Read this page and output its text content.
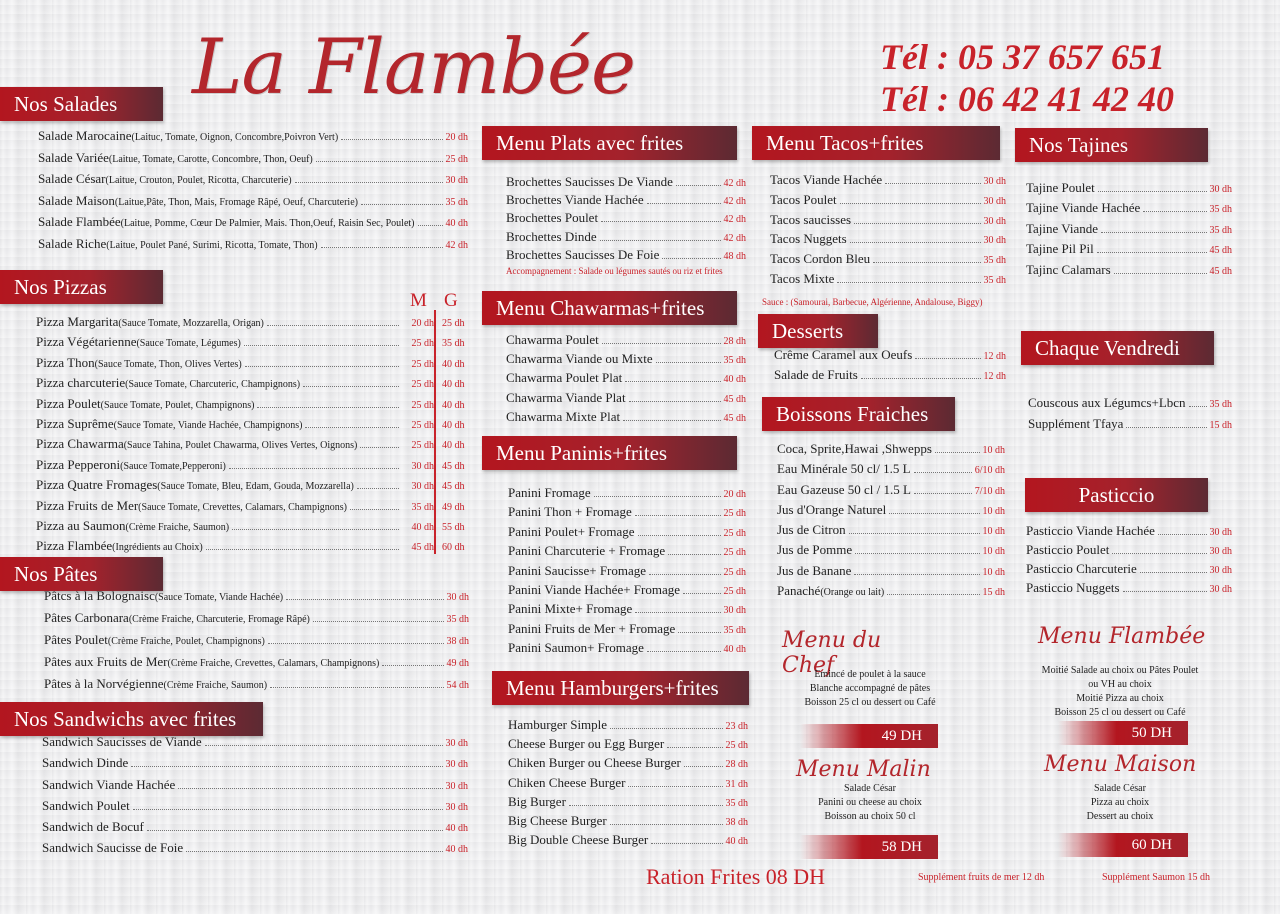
La Flambée	Tél : 05 37 657 651
Tél : 06 42 41 42 40
Nos Salades
Salade Marocaine (Laituc, Tomate, Oignon, Concombre,Poivron Vert)	20 dh
Salade Variée (Laitue, Tomate, Carotte, Concombre, Thon, Oeuf)	25 dh
Salade César (Laitue, Crouton, Poulet, Ricotta, Charcuterie)	30 dh
Salade Maison (Laitue,Pâte, Thon, Mais, Fromage Râpé, Oeuf, Charcuterie)	35 dh
Salade Flambée (Laitue, Pomme, Cœur De Palmier, Mais. Thon,Oeuf, Raisin Sec, Poulet)	40 dh
Salade Riche (Laitue, Poulet Pané, Surimi, Ricotta, Tomate, Thon)	42 dh
Nos Pizzas
M G
Pizza Margarita (Sauce Tomate, Mozzarella, Origan)	20 dh 25 dh
Pizza Végétarienne (Sauce Tomate, Légumes)	25 dh 35 dh
Pizza Thon (Sauce Tomate, Thon, Olives Vertes)	25 dh 40 dh
Pizza charcuterie (Sauce Tomate, Charcuteric, Champignons)	25 dh 40 dh
Pizza Poulet (Sauce Tomate, Poulet, Champignons)	25 dh 40 dh
Pizza Suprême (Sauce Tomate, Viande Hachée, Champignons)	25 dh 40 dh
Pizza Chawarma (Sauce Tahina, Poulet Chawarma, Olives Vertes, Oignons)	25 dh 40 dh
Pizza Pepperoni (Sauce Tomate,Pepperoni)	30 dh 45 dh
Pizza Quatre Fromages (Sauce Tomate, Bleu, Edam, Gouda, Mozzarella)	30 dh 45 dh
Pizza Fruits de Mer (Sauce Tomate, Crevettes, Calamars, Champignons)	35 dh 49 dh
Pizza au Saumon (Crème Fraiche, Saumon)	40 dh 55 dh
Pizza Flambée (Ingrédients au Choix)	45 dh 60 dh
Nos Pâtes
Pâtcs à la Bolognaisc (Sauce Tomate, Viande Hachée)	30 dh
Pâtes Carbonara (Crème Fraiche, Charcuterie, Fromage Râpé)	35 dh
Pâtes Poulet (Crème Fraiche, Poulet, Champignons)	38 dh
Pâtes aux Fruits de Mer (Crème Fraiche, Crevettes, Calamars, Champignons)	49 dh
Pâtes à la Norvégienne (Crème Fraiche, Saumon)	54 dh
Nos Sandwichs avec frites
Sandwich Saucisses de Viande	30 dh
Sandwich Dinde	30 dh
Sandwich Viande Hachée	30 dh
Sandwich Poulet	30 dh
Sandwich de Bocuf	40 dh
Sandwich Saucisse de Foie	40 dh
Menu Plats avec frites
Brochettes Saucisses De Viande	42 dh
Brochettes Viande Hachée	42 dh
Brochettes Poulet	42 dh
Brochettes Dinde	42 dh
Brochettes Saucisses De Foie	48 dh
Accompagnement : Salade ou légumes sautés ou riz et frites
Menu Chawarmas+frites
Chawarma Poulet	28 dh
Chawarma Viande ou Mixte	35 dh
Chawarma Poulet Plat	40 dh
Chawarma Viande Plat	45 dh
Chawarma Mixte Plat	45 dh
Menu Paninis+frites
Panini Fromage	20 dh
Panini Thon + Fromage	25 dh
Panini Poulet+ Fromage	25 dh
Panini Charcuterie + Fromage	25 dh
Panini Saucisse+ Fromage	25 dh
Panini Viande Hachée+ Fromage	25 dh
Panini Mixte+ Fromage	30 dh
Panini Fruits de Mer + Fromage	35 dh
Panini Saumon+ Fromage	40 dh
Menu Hamburgers+frites
Hamburger Simple	23 dh
Cheese Burger ou Egg Burger	25 dh
Chiken Burger ou Cheese Burger	28 dh
Chiken Cheese Burger	31 dh
Big Burger	35 dh
Big Cheese Burger	38 dh
Big Double Cheese Burger	40 dh
Ration Frites 08 DH
Menu Tacos+frites
Tacos Viande Hachée	30 dh
Tacos Poulet	30 dh
Tacos saucisses	30 dh
Tacos Nuggets	30 dh
Tacos Cordon Bleu	35 dh
Tacos Mixte	35 dh
Sauce : (Samourai, Barbecue, Algérienne, Andalouse, Biggy)
Desserts
Crême Caramel aux Oeufs	12 dh
Salade de Fruits	12 dh
Boissons Fraiches
Coca, Sprite,Hawai ,Shwepps	10 dh
Eau Minérale 50 cl/ 1.5 L	6/10 dh
Eau Gazeuse 50 cl / 1.5 L	7/10 dh
Jus d'Orange Naturel	10 dh
Jus de Citron	10 dh
Jus de Pomme	10 dh
Jus de Banane	10 dh
Panaché (Orange ou lait)	15 dh
Menu du Chef
Emincé de poulet à la sauce
Blanche accompagné de pâtes
Boisson 25 cl ou dessert ou Café
49 DH
Menu Malin
Salade César
Panini ou cheese au choix
Boisson au choix 50 cl
58 DH
Supplément fruits de mer 12 dh
Nos Tajines
Tajine Poulet	30 dh
Tajine Viande Hachée	35 dh
Tajine Viande	35 dh
Tajine Pil Pil	45 dh
Tajinc Calamars	45 dh
Chaque Vendredi
Couscous aux Légumcs+Lbcn 35 dh
Supplément Tfaya	15 dh
Pasticcio
Pasticcio Viande Hachée	30 dh
Pasticcio Poulet	30 dh
Pasticcio Charcuterie	30 dh
Pasticcio Nuggets	30 dh
Menu Flambée
Moitié Salade au choix ou Pâtes Poulet
ou VH au choix
Moitié Pizza au choix
Boisson 25 cl ou dessert ou Café
50 DH
Menu Maison
Salade César
Pizza au choix
Dessert au choix
60 DH
Supplément Saumon 15 dh
